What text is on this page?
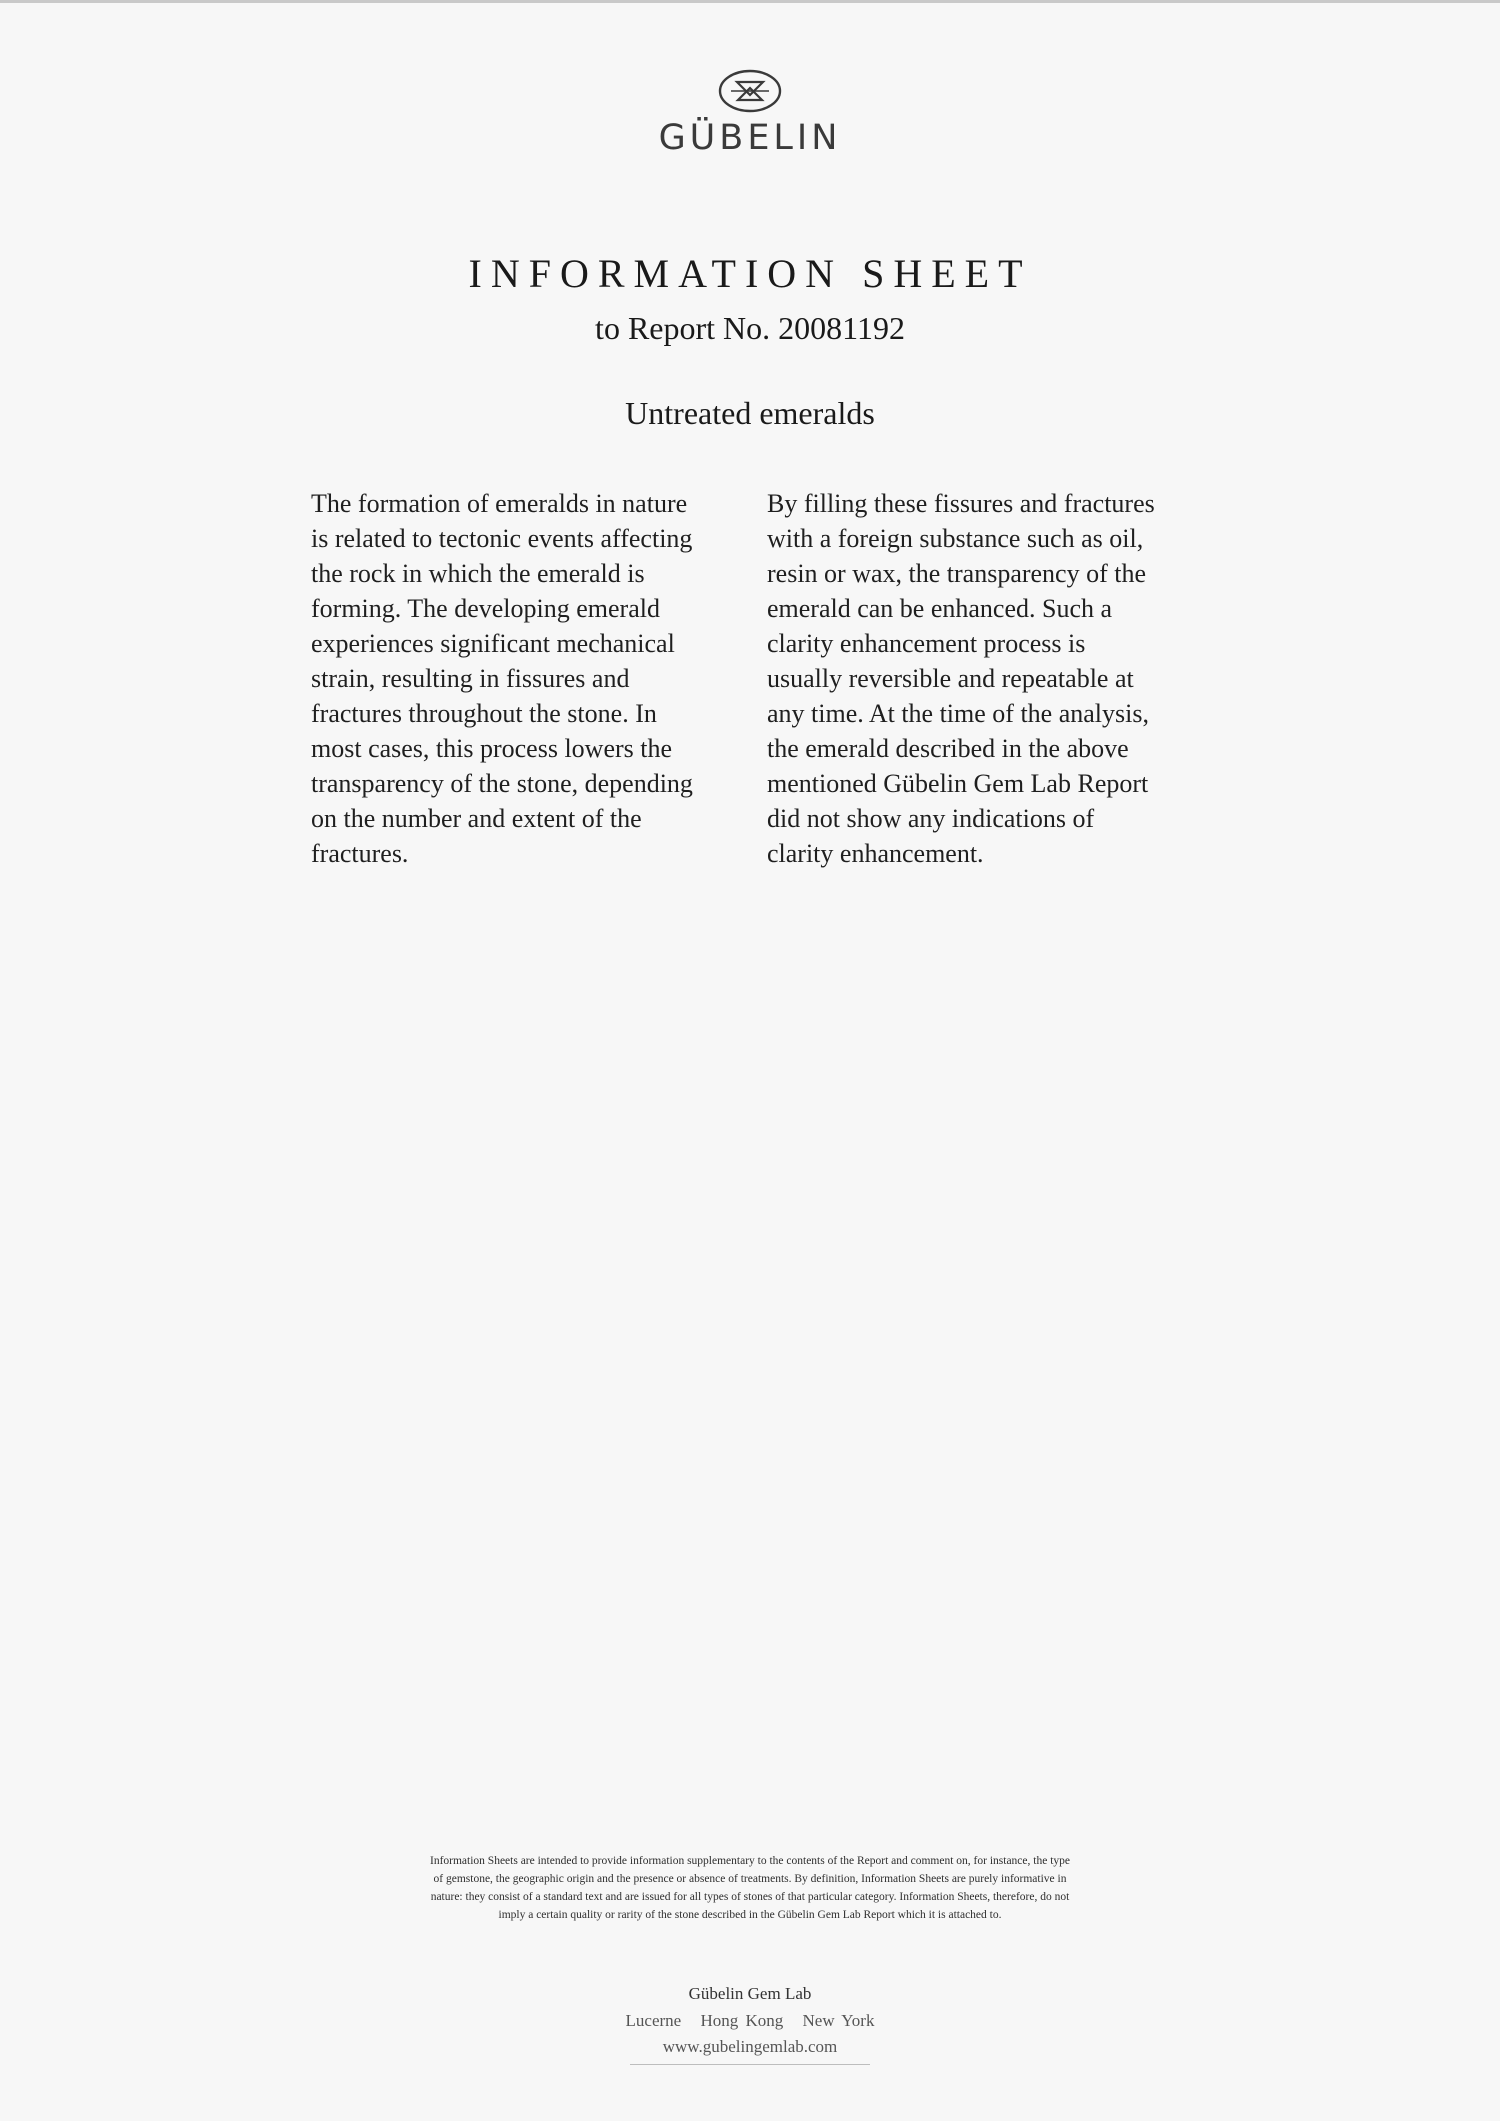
GÜBELIN
INFORMATION SHEET
to Report No. 20081192
Untreated emeralds
The formation of emeralds in nature
is related to tectonic events affecting
the rock in which the emerald is
forming. The developing emerald
experiences significant mechanical
strain, resulting in fissures and
fractures throughout the stone. In
most cases, this process lowers the
transparency of the stone, depending
on the number and extent of the
fractures.
By filling these fissures and fractures
with a foreign substance such as oil,
resin or wax, the transparency of the
emerald can be enhanced. Such a
clarity enhancement process is
usually reversible and repeatable at
any time. At the time of the analysis,
the emerald described in the above
mentioned Gübelin Gem Lab Report
did not show any indications of
clarity enhancement.
Information Sheets are intended to provide information supplementary to the contents of the Report and comment on, for instance, the type
of gemstone, the geographic origin and the presence or absence of treatments. By definition, Information Sheets are purely informative in
nature: they consist of a standard text and are issued for all types of stones of that particular category. Information Sheets, therefore, do not
imply a certain quality or rarity of the stone described in the Gübelin Gem Lab Report which it is attached to.
Gübelin Gem Lab
Lucerne Hong Kong New York
www.gubelingemlab.com
